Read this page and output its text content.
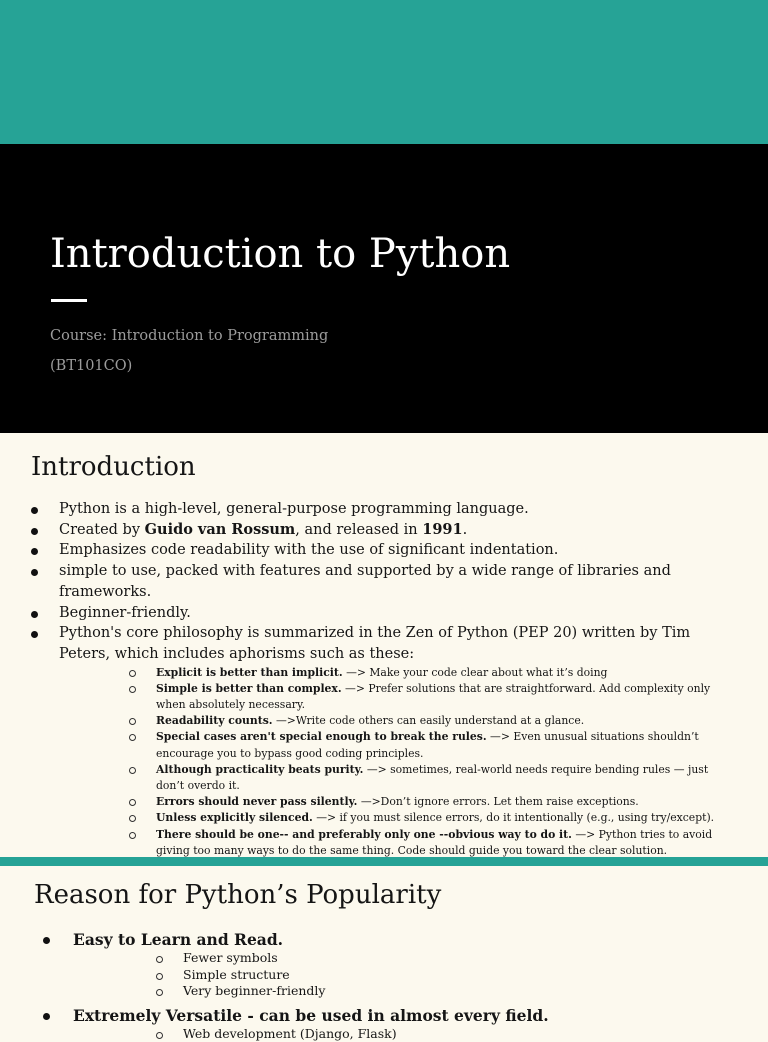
Introduction to Python
Course: Introduction to Programming
(BT101CO)
Introduction
Python is a high-level, general-purpose programming language.
Created by Guido van Rossum, and released in 1991.
Emphasizes code readability with the use of significant indentation.
simple to use, packed with features and supported by a wide range of libraries and frameworks.
Beginner-friendly.
Python's core philosophy is summarized in the Zen of Python (PEP 20) written by Tim Peters, which includes aphorisms such as these:
Explicit is better than implicit. —> Make your code clear about what it’s doing
Simple is better than complex. —> Prefer solutions that are straightforward. Add complexity only when absolutely necessary.
Readability counts. —>Write code others can easily understand at a glance.
Special cases aren't special enough to break the rules. —> Even unusual situations shouldn’t encourage you to bypass good coding principles.
Although practicality beats purity. —> sometimes, real-world needs require bending rules — just don’t overdo it.
Errors should never pass silently. —>Don’t ignore errors. Let them raise exceptions.
Unless explicitly silenced. —> if you must silence errors, do it intentionally (e.g., using try/except).
There should be one-- and preferably only one --obvious way to do it. —> Python tries to avoid giving too many ways to do the same thing. Code should guide you toward the clear solution.
Reason for Python’s Popularity
Easy to Learn and Read.
Fewer symbols
Simple structure
Very beginner-friendly
Extremely Versatile - can be used in almost every field.
Web development (Django, Flask)
